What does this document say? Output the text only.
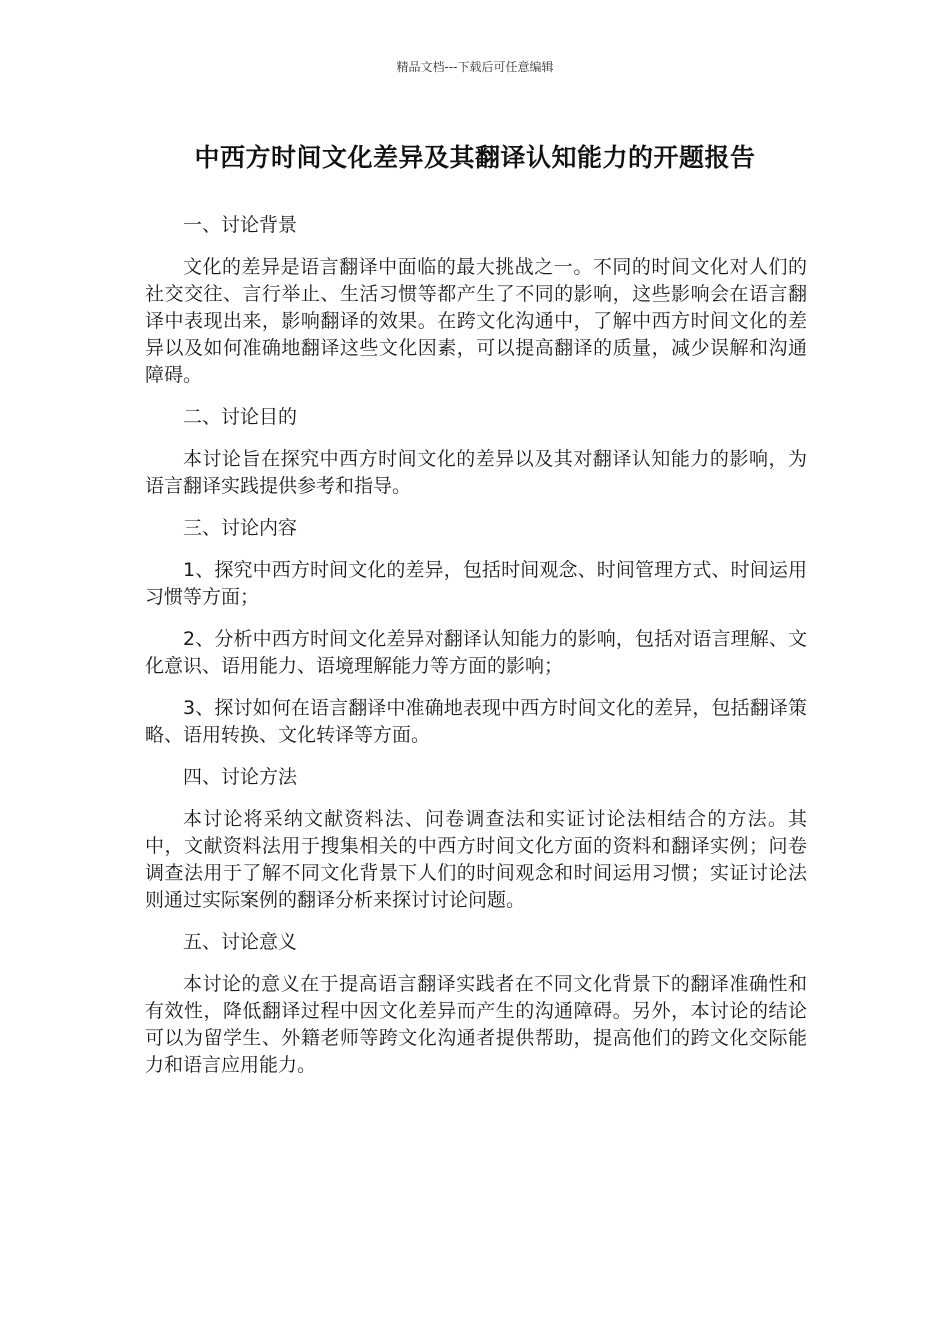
精品文档---下载后可任意编辑
中西方时间文化差异及其翻译认知能力的开题报告
一、讨论背景
文化的差异是语言翻译中面临的最大挑战之一。不同的时间文化对人们的社交交往、言行举止、生活习惯等都产生了不同的影响，这些影响会在语言翻译中表现出来，影响翻译的效果。在跨文化沟通中，了解中西方时间文化的差异以及如何准确地翻译这些文化因素，可以提高翻译的质量，减少误解和沟通障碍。
二、讨论目的
本讨论旨在探究中西方时间文化的差异以及其对翻译认知能力的影响，为语言翻译实践提供参考和指导。
三、讨论内容
1、探究中西方时间文化的差异，包括时间观念、时间管理方式、时间运用习惯等方面；
2、分析中西方时间文化差异对翻译认知能力的影响，包括对语言理解、文化意识、语用能力、语境理解能力等方面的影响；
3、探讨如何在语言翻译中准确地表现中西方时间文化的差异，包括翻译策略、语用转换、文化转译等方面。
四、讨论方法
本讨论将采纳文献资料法、问卷调查法和实证讨论法相结合的方法。其中，文献资料法用于搜集相关的中西方时间文化方面的资料和翻译实例；问卷调查法用于了解不同文化背景下人们的时间观念和时间运用习惯；实证讨论法则通过实际案例的翻译分析来探讨讨论问题。
五、讨论意义
本讨论的意义在于提高语言翻译实践者在不同文化背景下的翻译准确性和有效性，降低翻译过程中因文化差异而产生的沟通障碍。另外，本讨论的结论可以为留学生、外籍老师等跨文化沟通者提供帮助，提高他们的跨文化交际能力和语言应用能力。
